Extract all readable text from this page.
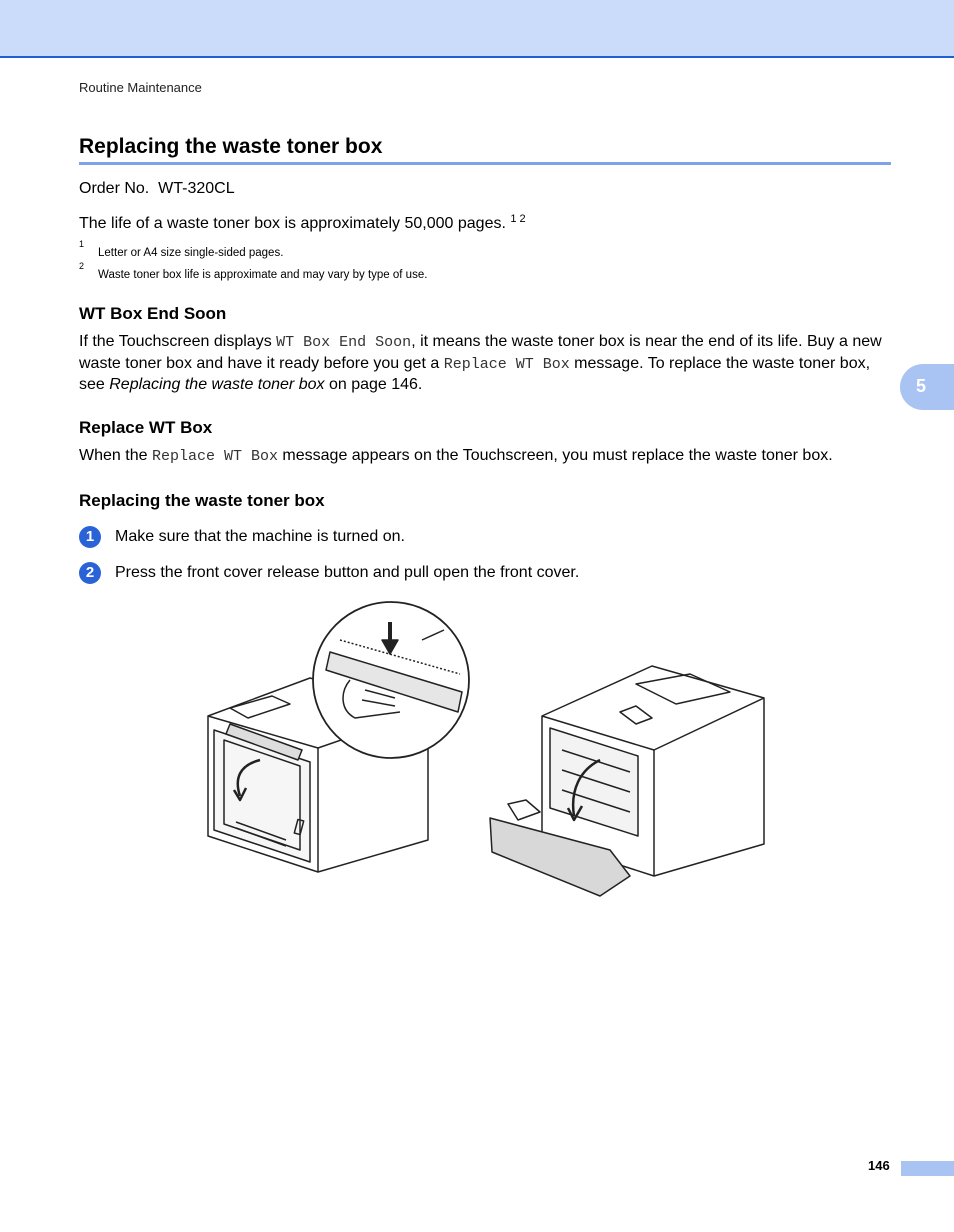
Routine Maintenance
Replacing the waste toner box
Order No. WT-320CL
The life of a waste toner box is approximately 50,000 pages. $^{1 2}$
$^1$Letter or A4 size single-sided pages.
$^2$Waste toner box life is approximate and may vary by type of use.
WT Box End Soon
If the Touchscreen displays WT Box End Soon, it means the waste toner box is near the end of its life. Buy a new waste toner box and have it ready before you get a Replace WT Box message. To replace the waste toner box, see Replacing the waste toner box on page 146.
Replace WT Box
When the Replace WT Box message appears on the Touchscreen, you must replace the waste toner box.
Replacing the waste toner box
1	Make sure that the machine is turned on.
2	Press the front cover release button and pull open the front cover.
5
146
